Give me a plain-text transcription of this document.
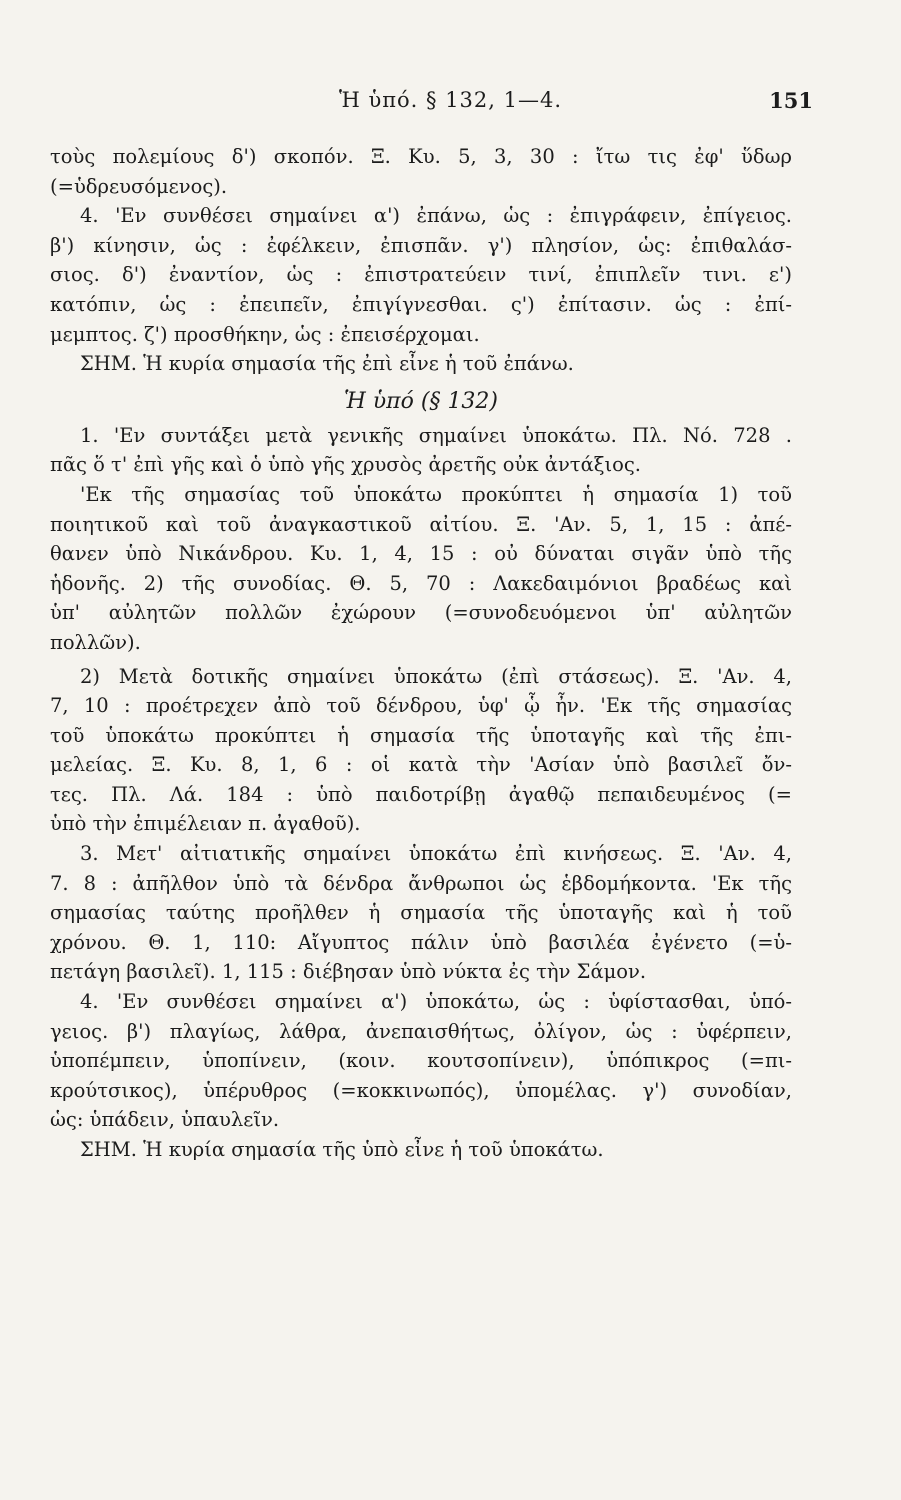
Ἡ ὑπό. § 132, 1—4.	151
τοὺς πολεμίους δ') σκοπόν. Ξ. Κυ. 5, 3, 30 : ἴτω τις ἐφ' ὕδωρ
(=ὑδρευσόμενος).
4. 'Εν συνθέσει σημαίνει α') ἐπάνω, ὡς : ἐπιγράφειν, ἐπίγειος.
β') κίνησιν, ὡς : ἐφέλκειν, ἐπισπᾶν. γ') πλησίον, ὡς: ἐπιθαλάσ-
σιος. δ') ἐναντίον, ὡς : ἐπιστρατεύειν τινί, ἐπιπλεῖν τινι. ε')
κατόπιν, ὡς : ἐπειπεῖν, ἐπιγίγνεσθαι. ς') ἐπίτασιν. ὡς : ἐπί-
μεμπτος. ζ') προσθήκην, ὡς : ἐπεισέρχομαι.
ΣΗΜ. Ἡ κυρία σημασία τῆς ἐπὶ εἶνε ἡ τοῦ ἐπάνω.
Ἡ ὑπό (§ 132)
1. 'Εν συντάξει μετὰ γενικῆς σημαίνει ὑποκάτω. Πλ. Νό. 728 .
πᾶς ὅ τ' ἐπὶ γῆς καὶ ὁ ὑπὸ γῆς χρυσὸς ἀρετῆς οὐκ ἀντάξιος.
'Εκ τῆς σημασίας τοῦ ὑποκάτω προκύπτει ἡ σημασία 1) τοῦ
ποιητικοῦ καὶ τοῦ ἀναγκαστικοῦ αἰτίου. Ξ. 'Αν. 5, 1, 15 : ἀπέ-
θανεν ὑπὸ Νικάνδρου. Κυ. 1, 4, 15 : οὐ δύναται σιγᾶν ὑπὸ τῆς
ἡδονῆς. 2) τῆς συνοδίας. Θ. 5, 70 : Λακεδαιμόνιοι βραδέως καὶ
ὑπ' αὐλητῶν πολλῶν ἐχώρουν (=συνοδευόμενοι ὑπ' αὐλητῶν
πολλῶν).
2) Μετὰ δοτικῆς σημαίνει ὑποκάτω (ἐπὶ στάσεως). Ξ. 'Αν. 4,
7, 10 : προέτρεχεν ἀπὸ τοῦ δένδρου, ὑφ' ᾧ ἦν. 'Εκ τῆς σημασίας
τοῦ ὑποκάτω προκύπτει ἡ σημασία τῆς ὑποταγῆς καὶ τῆς ἐπι-
μελείας. Ξ. Κυ. 8, 1, 6 : οἱ κατὰ τὴν 'Ασίαν ὑπὸ βασιλεῖ ὄν-
τες. Πλ. Λά. 184 : ὑπὸ παιδοτρίβῃ ἀγαθῷ πεπαιδευμένος (=
ὑπὸ τὴν ἐπιμέλειαν π. ἀγαθοῦ).
3. Μετ' αἰτιατικῆς σημαίνει ὑποκάτω ἐπὶ κινήσεως. Ξ. 'Αν. 4,
7. 8 : ἀπῆλθον ὑπὸ τὰ δένδρα ἄνθρωποι ὡς ἑβδομήκοντα. 'Εκ τῆς
σημασίας ταύτης προῆλθεν ἡ σημασία τῆς ὑποταγῆς καὶ ἡ τοῦ
χρόνου. Θ. 1, 110: Αἴγυπτος πάλιν ὑπὸ βασιλέα ἐγένετο (=ὑ-
πετάγη βασιλεῖ). 1, 115 : διέβησαν ὑπὸ νύκτα ἐς τὴν Σάμον.
4. 'Εν συνθέσει σημαίνει α') ὑποκάτω, ὡς : ὑφίστασθαι, ὑπό-
γειος. β') πλαγίως, λάθρα, ἀνεπαισθήτως, ὀλίγον, ὡς : ὑφέρπειν,
ὑποπέμπειν, ὑποπίνειν, (κοιν. κουτσοπίνειν), ὑπόπικρος (=πι-
κρούτσικος), ὑπέρυθρος (=κοκκινωπός), ὑπομέλας. γ') συνοδίαν,
ὡς: ὑπάδειν, ὑπαυλεῖν.
ΣΗΜ. Ἡ κυρία σημασία τῆς ὑπὸ εἶνε ἡ τοῦ ὑποκάτω.
